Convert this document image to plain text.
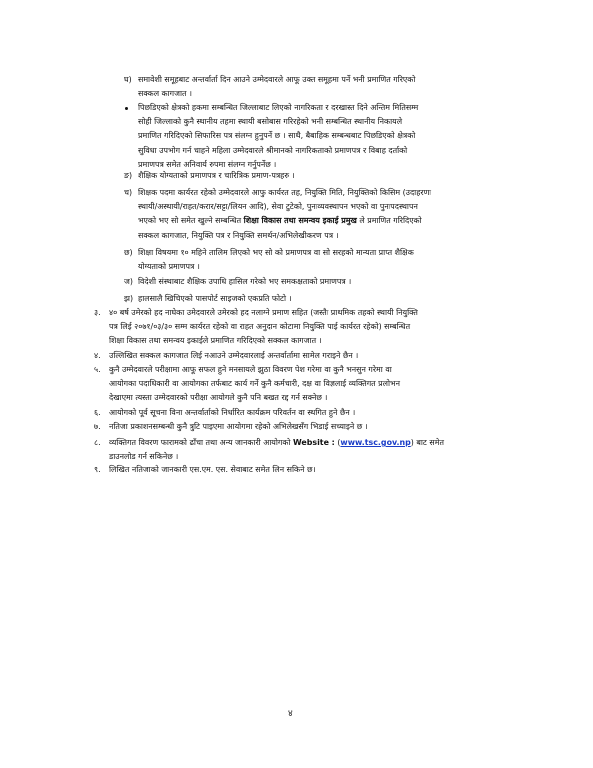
४
घ) समावेशी समूहबाट अन्तर्वार्ता दिन आउने उम्मेदवारले आफू उक्त समूहमा पर्ने भनी प्रमाणित गरिएको
सक्कल कागजात ।
पिछडिएको क्षेत्रको हकमा सम्बन्धित जिल्लाबाट लिएको नागरिकता र दरखास्त दिने अन्तिम मितिसम्म
सोही जिल्लाको कुनै स्थानीय तहमा स्थायी बसोबास गरिरहेको भनी सम्बन्धित स्थानीय निकायले
प्रमाणित गरिदिएको सिफारिस पत्र संलग्न हुनुपर्ने छ । साथै, बैबाहिक सम्बन्धबाट पिछडिएको क्षेत्रको
सुविधा उपभोग गर्न चाहने महिला उम्मेदवारले श्रीमानको नागरिकताको प्रमाणपत्र र विबाह दर्ताको
प्रमाणपत्र समेत अनिवार्य रुपमा संलग्न गर्नुपर्नेछ ।
ङ) शैक्षिक योग्यताको प्रमाणपत्र र चारित्रिक प्रमाण-पत्रहरु ।
च) शिक्षक पदमा कार्यरत रहेको उम्मेदवारले आफु कार्यरत तह, नियुक्ति मिति, नियुक्तिको किसिम (उदाहरणः
स्थायी/अस्थायी/राहत/करार/सट्टा/लियन आदि), सेवा टुटेको, पुनःव्यवस्थापन भएको वा पुनःपदस्थापन
भएको भए सो समेत खुल्ने सम्बन्धित शिक्षा विकास तथा समन्वय इकाई प्रमुख ले प्रमाणित गरिदिएको
सक्कल कागजात, नियुक्ति पत्र र नियुक्ति समर्थन/अभिलेखीकरण पत्र ।
छ) शिक्षा विषयमा १० महिने तालिम लिएको भए सो को प्रमाणपत्र वा सो सरहको मान्यता प्राप्त शैक्षिक
योग्यताको प्रमाणपत्र ।
ज) विदेशी संस्थाबाट शैक्षिक उपाधि हासिल गरेको भए समकक्षताको प्रमाणपत्र ।
झ) हालसालै खिचिएको पासपोर्ट साइजको एकप्रति फोटो ।
३. ४० बर्ष उमेरको हद नाघेका उमेदवारले उमेरको हद नलाग्ने प्रमाण सहित (जस्तैः प्राथमिक तहको स्थायी नियुक्ति
पत्र लिई २०७१/०३/३० सम्म कार्यरत रहेको वा राहत अनुदान कोटामा नियुक्ति पाई कार्यरत रहेको) सम्बन्धित
शिक्षा विकास तथा समन्वय इकाईले प्रमाणित गरिदिएको सक्कल कागजात ।
४. उल्लिखित सक्कल कागजात लिई नआउने उम्मेदवारलाई अन्तर्वार्तामा सामेल गराइने छैन ।
५. कुनै उम्मेदवारले परीक्षामा आफू सफल हुने मनसायले झुठा विवरण पेश गरेमा वा कुनै भनसुन गरेमा वा
आयोगका पदाधिकारी वा आयोगका तर्फबाट कार्य गर्ने कुनै कर्मचारी, दक्ष वा विज्ञलाई व्यक्तिगत प्रलोभन
देखाएमा त्यस्ता उम्मेदवारको परीक्षा आयोगले कुनै पनि बखत रद्द गर्न सक्नेछ ।
६. आयोगको पूर्व सूचना विना अन्तर्वार्ताको निर्धारित कार्यक्रम परिवर्तन वा स्थगित हुने छैन ।
७. नतिजा प्रकाशनसम्बन्धी कुनै त्रुटि पाइएमा आयोगमा रहेको अभिलेखसँग भिडाई सच्याइने छ ।
८. व्यक्तिगत विवरण फारामको ढाँचा तथा अन्य जानकारी आयोगको Website : (www.tsc.gov.np) बाट समेत
डाउनलोड गर्न सकिनेछ ।
९. लिखित नतिजाको जानकारी एस.एम. एस. सेवाबाट समेत लिन सकिने छ।
